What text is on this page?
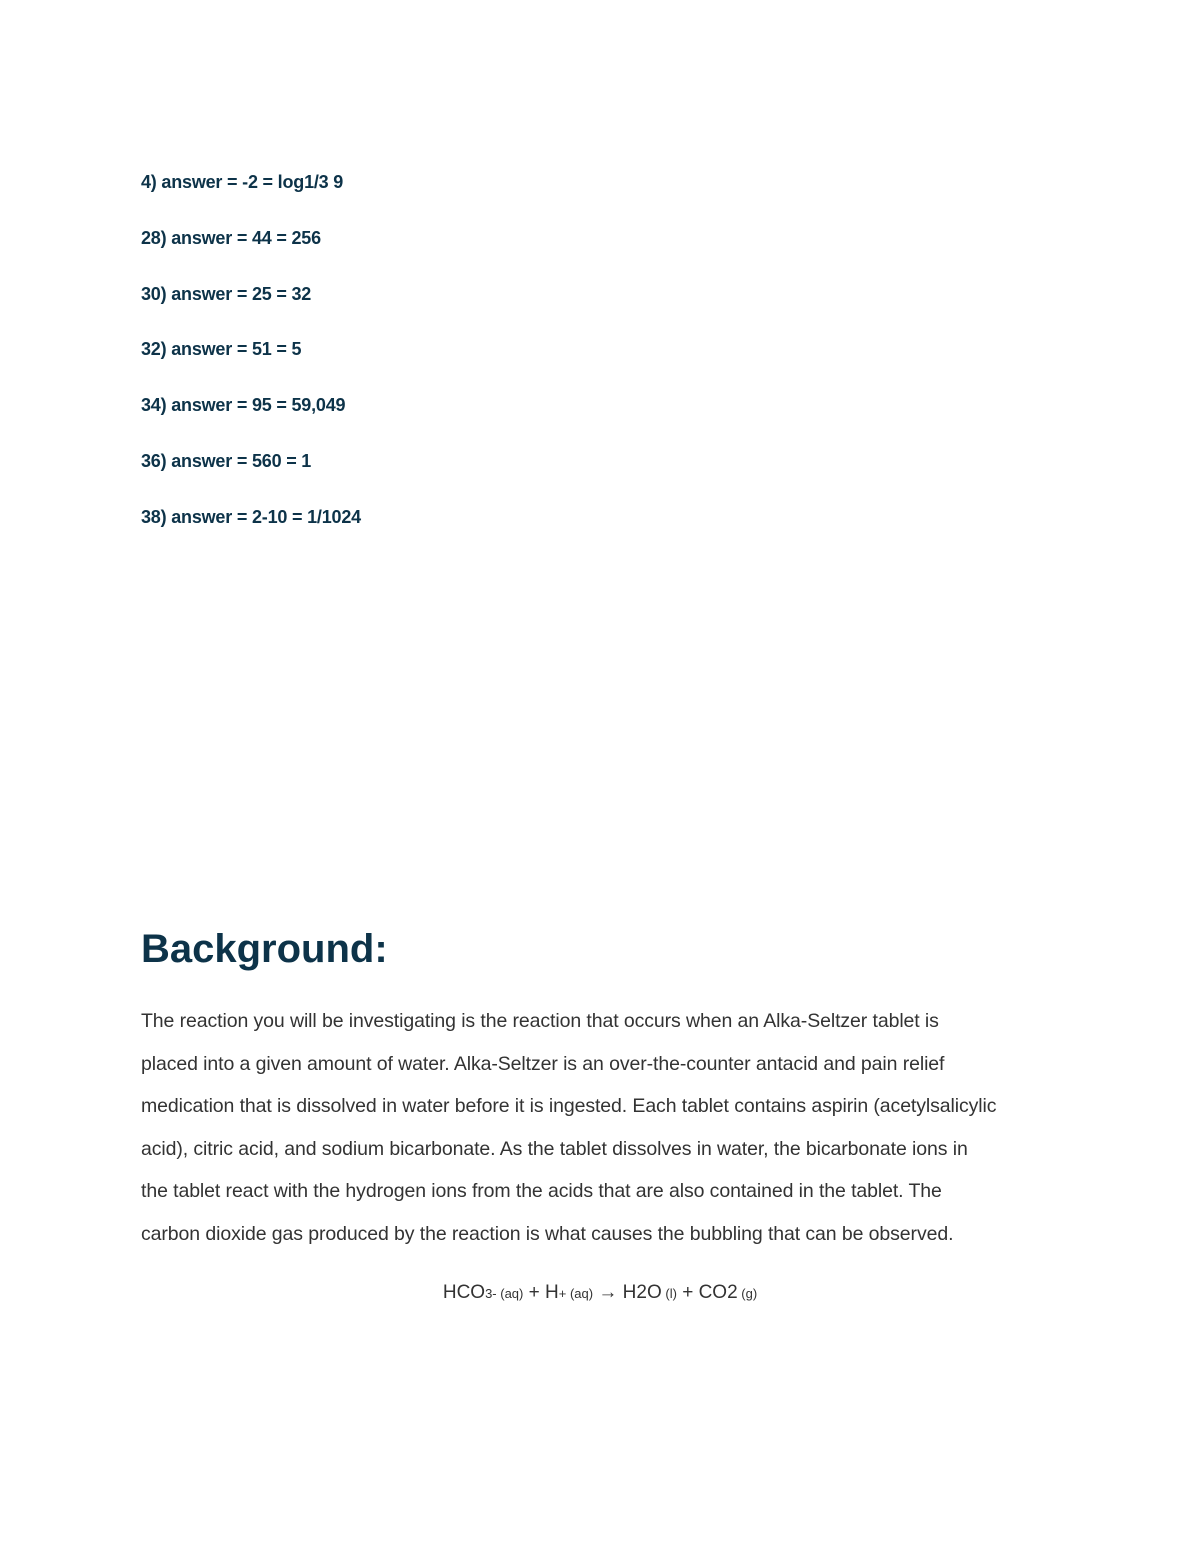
4) answer = -2 = log1/3 9
28) answer = 44 = 256
30) answer = 25 = 32
32) answer = 51 = 5
34) answer = 95 = 59,049
36) answer = 560 = 1
38) answer = 2-10 = 1/1024
Background:
The reaction you will be investigating is the reaction that occurs when an Alka-Seltzer tablet is
placed into a given amount of water. Alka-Seltzer is an over-the-counter antacid and pain relief
medication that is dissolved in water before it is ingested. Each tablet contains aspirin (acetylsalicylic
acid), citric acid, and sodium bicarbonate. As the tablet dissolves in water, the bicarbonate ions in
the tablet react with the hydrogen ions from the acids that are also contained in the tablet. The
carbon dioxide gas produced by the reaction is what causes the bubbling that can be observed.
HCO3- (aq) + H+ (aq) → H2O (l) + CO2 (g)
